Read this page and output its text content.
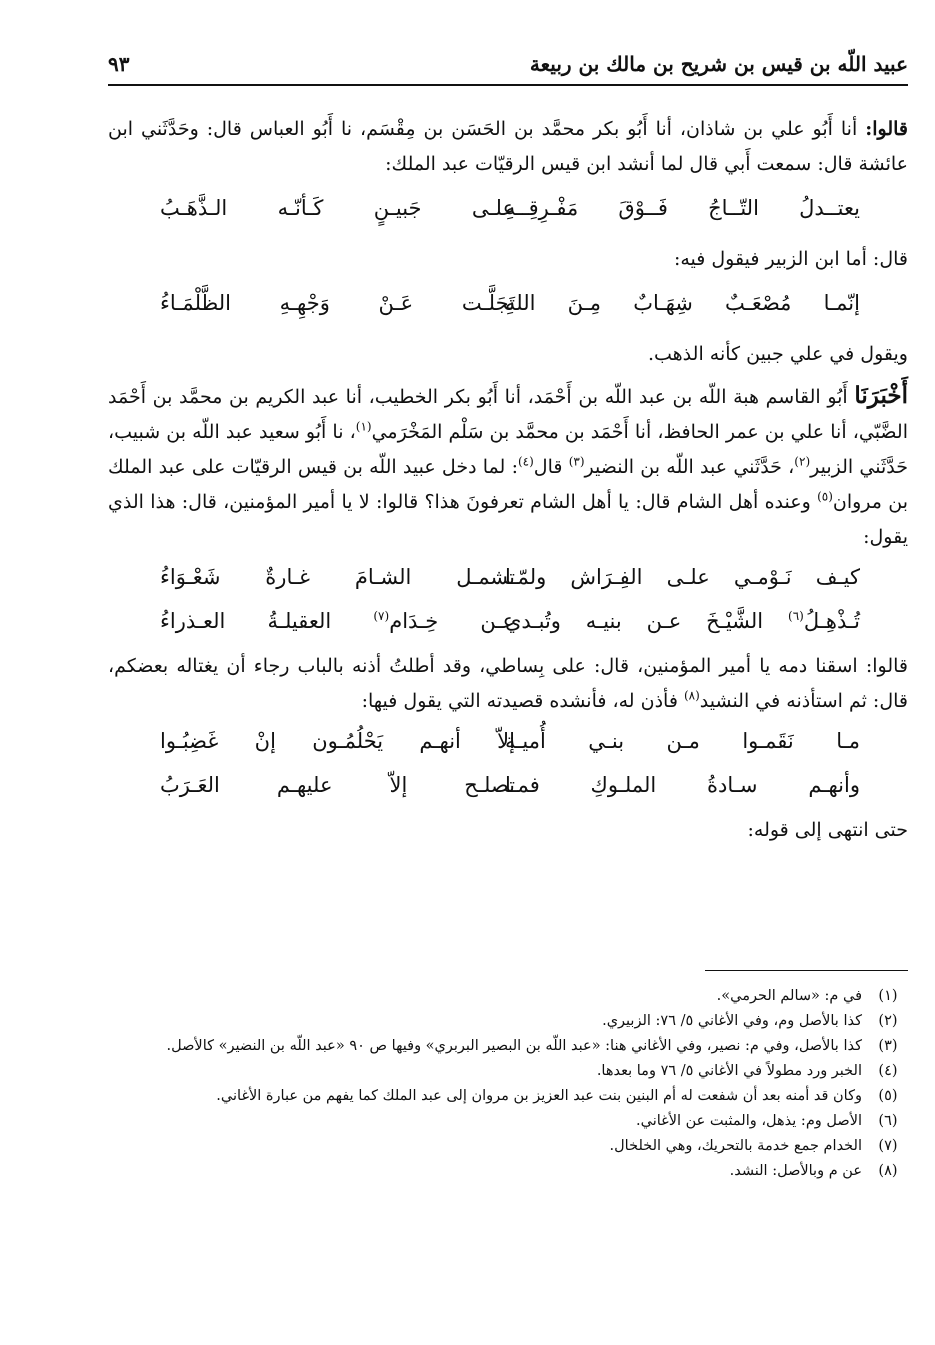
عبيد اللّه بن قيس بن شريح بن مالك بن ربيعة
٩٣

قالوا: أنا أَبُو علي بن شاذان، أنا أَبُو بكر محمَّد بن الحَسَن بن مِقْسَم، نا أَبُو العباس قال: وحَدَّثَني ابن عائشة قال: سمعت أَبي قال لما أنشد ابن قيس الرقيّات عبد الملك:

يعتــدلُ التّــاجُ فَــوْقَ مَفْـرِقِــهِ
علـى جَبيـنٍ كَـأنّـه الـذَّهَـبُ

قال: أما ابن الزبير فيقول فيه:

إنّمـا مُصْعَـبٌ شِهَـابٌ مِـنَ اللهِ
تَجَلَّـت عَـنْ وَجْهِـهِ الظَّلْمَـاءُ

ويقول في علي جبين كأنه الذهب.

أَخْبَرَنَا أَبُو القاسم هبة اللّه بن عبد اللّه بن أَحْمَد، أنا أَبُو بكر الخطيب، أنا عبد الكريم بن محمَّد بن أَحْمَد الضَّبّي، أنا علي بن عمر الحافظ، أنا أَحْمَد بن محمَّد بن سَلْم المَخْرَمي$^{(١)}$، نا أَبُو سعيد عبد اللّه بن شبيب، حَدَّثَني الزبير$^{(٢)}$، حَدَّثَني عبد اللّه بن النضير$^{(٣)}$ قال$^{(٤)}$: لما دخل عبيد اللّه بن قيس الرقيّات على عبد الملك بن مروان$^{(٥)}$ وعنده أهل الشام قال: يا أهل الشام تعرفونَ هذا؟ قالوا: لا يا أمير المؤمنين، قال: هذا الذي يقول:

كيـف نَـوْمـي علـى الفِـرَاش ولمّـا
تشمـل الشـامَ غـارةٌ شَعْـوَاءُ
تُـذْهِـلُ$^{(٦)}$ الشَّيْـخَ عـن بنيـه وتُبـدي
عـن خِـدَام$^{(٧)}$ العقيلـةُ العـذراءُ

قالوا: اسقنا دمه يا أمير المؤمنين، قال: على بِساطي، وقد أطلتُ أذنه بالباب رجاء أن يغتاله بعضكم، قال: ثم استأذنه في النشيد$^{(٨)}$ فأذن له، فأنشده قصيدته التي يقول فيها:

مـا نَقَمـوا مـن بنـي أُميـة
إلاّ أنهـم يَحْلُمُـون إنْ غَضِبُـوا
وأنهـم سـادةُ الملـوكِ فمـا
تصلـح إلاّ عليهـم العَـرَبُ

حتى انتهى إلى قوله:

(١)
في م: «سالم الحرمي».
(٢)
كذا بالأصل وم، وفي الأغاني ٥/ ٧٦: الزبيري.
(٣)
كذا بالأصل، وفي م: نصير، وفي الأغاني هنا: «عبد اللّه بن البصير البربري» وفيها ص ٩٠ «عبد اللّه بن النضير» كالأصل.
(٤)
الخبر ورد مطولاً في الأغاني ٥/ ٧٦ وما بعدها.
(٥)
وكان قد أمنه بعد أن شفعت له أم البنين بنت عبد العزيز بن مروان إلى عبد الملك كما يفهم من عبارة الأغاني.
(٦)
الأصل وم: يذهل، والمثبت عن الأغاني.
(٧)
الخدام جمع خدمة بالتحريك، وهي الخلخال.
(٨)
عن م وبالأصل: النشد.
